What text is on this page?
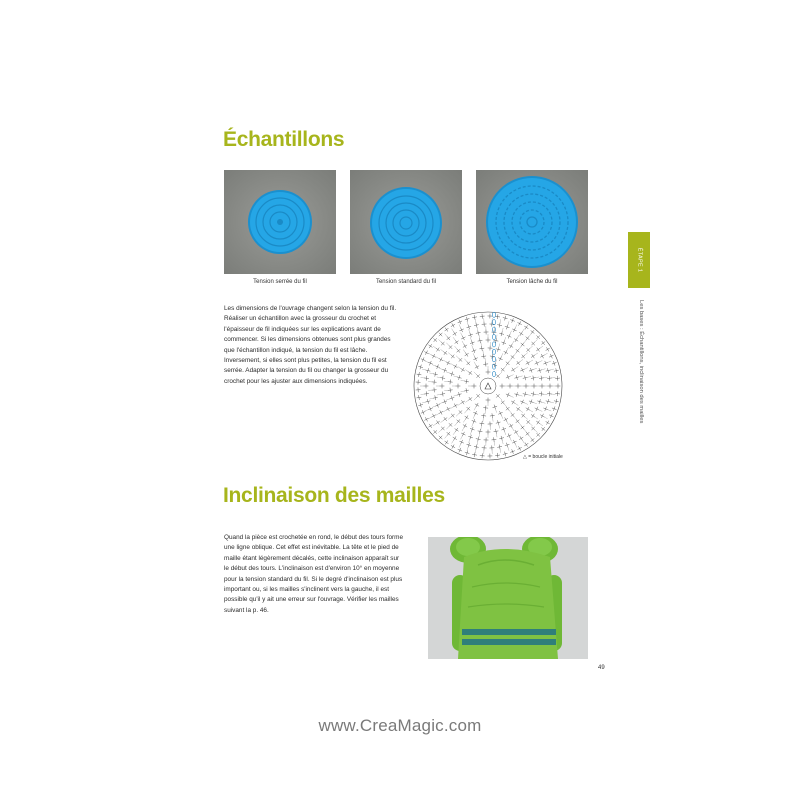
Échantillons
Tension serrée du fil	Tension standard du fil	Tension lâche du fil
Les dimensions de l'ouvrage changent selon la tension du fil. Réaliser un échantillon avec la grosseur du crochet et l'épaisseur de fil indiquées sur les explications avant de commencer. Si les dimensions obtenues sont plus grandes que l'échantillon indiqué, la tension du fil est lâche. Inversement, si elles sont plus petites, la tension du fil est serrée. Adapter la tension du fil ou changer la grosseur du crochet pour les ajuster aux dimensions indiquées.
△ = boucle initiale
Inclinaison des mailles
Quand la pièce est crochetée en rond, le début des tours forme une ligne oblique. Cet effet est inévitable. La tête et le pied de maille étant légèrement décalés, cette inclinaison apparaît sur le début des tours. L'inclinaison est d'environ 10° en moyenne pour la tension standard du fil. Si le degré d'inclinaison est plus important ou, si les mailles s'inclinent vers la gauche, il est possible qu'il y ait une erreur sur l'ouvrage. Vérifier les mailles suivant la p. 46.
ÉTAPE 1
Les bases : Échantillons, inclinaison des mailles
49
www.CreaMagic.com
